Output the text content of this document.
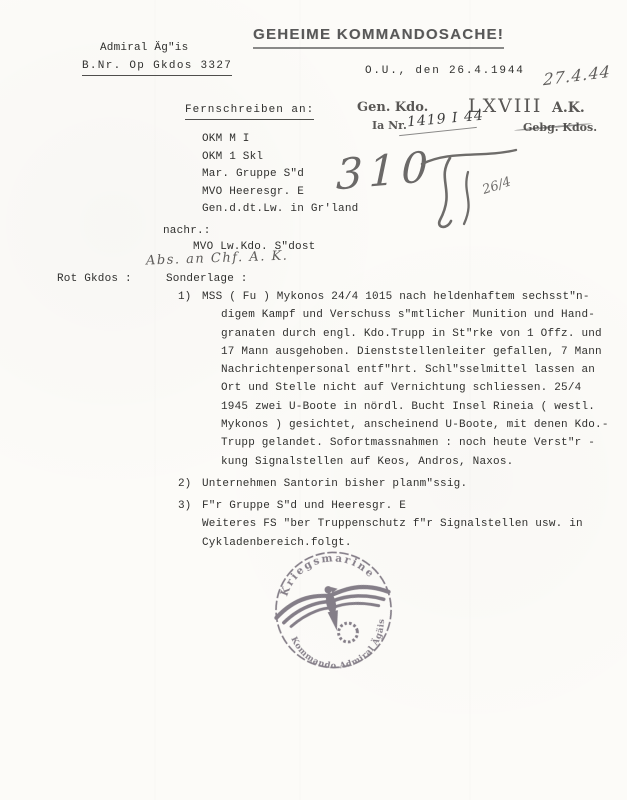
GEHEIME KOMMANDOSACHE!
Admiral Äg"is
B.Nr. Op Gkdos 3327	O.U., den 26.4.1944 27.4.44
Gen. Kdo. LXVIII A.K.
Ia Nr. 1419 I 44	Gebg. Kdos.
Fernschreiben an:
OKM M I
OKM 1 Skl
Mar. Gruppe S"d
MVO Heeresgr. E
Gen.d.dt.Lw. in Gr'land
310	26/4
nachr.:
MVO Lw.Kdo. S"dost
Abs. an Chf. A. K.
Rot Gkdos :	Sonderlage :
1) MSS ( Fu ) Mykonos 24/4 1015 nach heldenhaftem sechsst"n-
digem Kampf und Verschuss s"mtlicher Munition und Hand-
granaten durch engl. Kdo.Trupp in St"rke von 1 Offz. und
17 Mann ausgehoben. Dienststellenleiter gefallen, 7 Mann
Nachrichtenpersonal entf"hrt. Schl"sselmittel lassen an
Ort und Stelle nicht auf Vernichtung schliessen. 25/4
1945 zwei U-Boote in nördl. Bucht Insel Rineia ( westl.
Mykonos ) gesichtet, anscheinend U-Boote, mit denen Kdo.-
Trupp gelandet. Sofortmassnahmen : noch heute Verst"r -
kung Signalstellen auf Keos, Andros, Naxos.
2) Unternehmen Santorin bisher planm"ssig.
3) F"r Gruppe S"d und Heeresgr. E
Weiteres FS "ber Truppenschutz f"r Signalstellen usw. in
Cykladenbereich.folgt.
Kriegsmarine
Kommando Admiral Ägäis
